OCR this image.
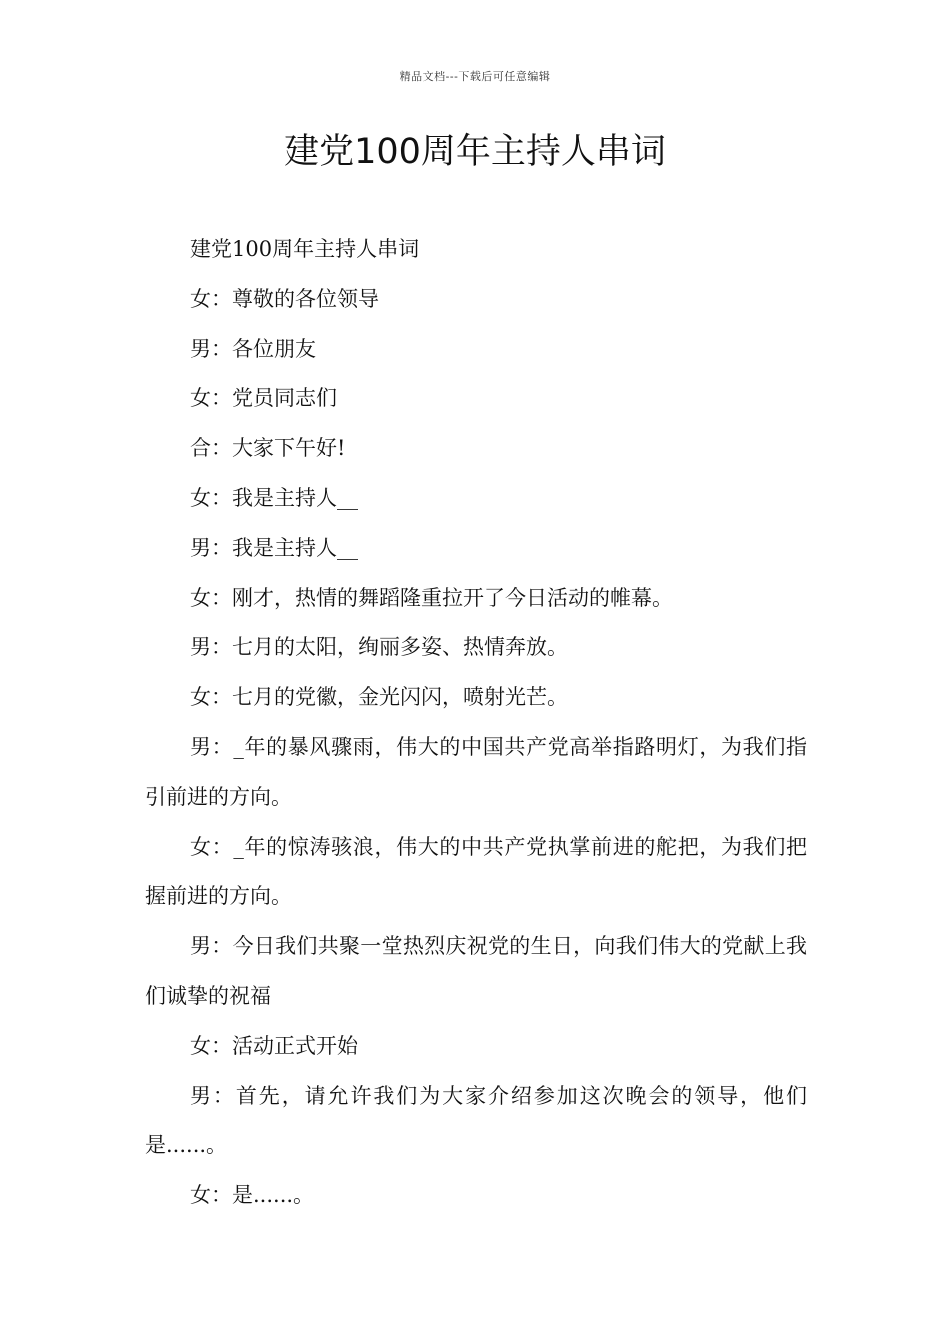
精品文档---下载后可任意编辑
建党100周年主持人串词

建党100周年主持人串词

女：尊敬的各位领导

男：各位朋友

女：党员同志们

合：大家下午好!

女：我是主持人__

男：我是主持人__

女：刚才，热情的舞蹈隆重拉开了今日活动的帷幕。

男：七月的太阳，绚丽多姿、热情奔放。

女：七月的党徽，金光闪闪，喷射光芒。

男：_年的暴风骤雨，伟大的中国共产党高举指路明灯，为我们指引前进的方向。

女：_年的惊涛骇浪，伟大的中共产党执掌前进的舵把，为我们把握前进的方向。

男：今日我们共聚一堂热烈庆祝党的生日，向我们伟大的党献上我们诚挚的祝福

女：活动正式开始

男：首先，请允许我们为大家介绍参加这次晚会的领导，他们是......。

女：是......。
